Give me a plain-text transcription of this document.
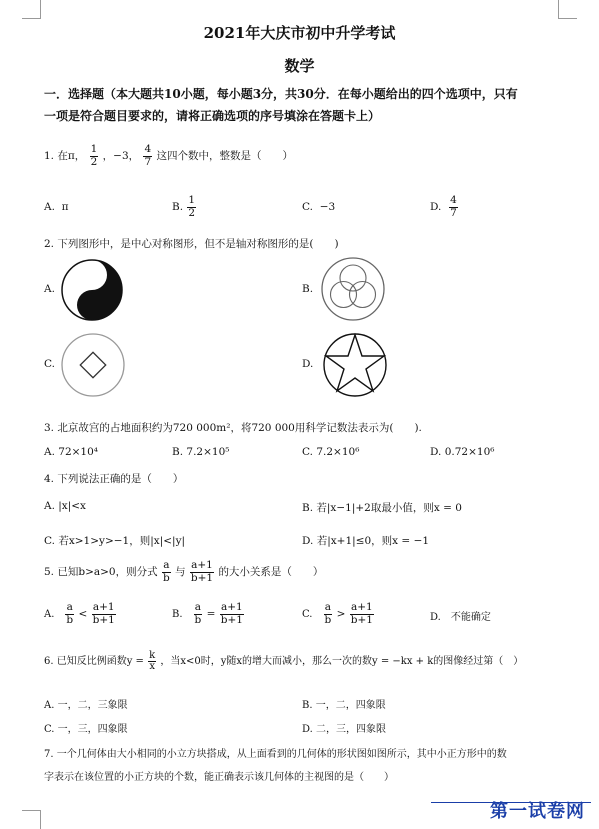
2021年大庆市初中升学考试
数学
一．选择题（本大题共10小题，每小题3分，共30分．在每小题给出的四个选项中，只有
一项是符合题目要求的，请将正确选项的序号填涂在答题卡上）
1. 在π， $\frac{1}{2}$ ，−3， $\frac{4}{7}$ 这四个数中，整数是（　　）
A. π	B. $\frac{1}{2}$	C. −3	D. $\frac{4}{7}$
2. 下列图形中，是中心对称图形，但不是轴对称图形的是(　　)
A.	B.
C.	D.
3. 北京故宫的占地面积约为720 000m²，将720 000用科学记数法表示为(　　).
A. 72×10⁴	B. 7.2×10⁵	C. 7.2×10⁶	D. 0.72×10⁶
4. 下列说法正确的是（　　）
A. |x|<x	B. 若|x−1|+2取最小值，则x = 0
C. 若x>1>y>−1，则|x|<|y|	D. 若|x+1|≤0，则x = −1
5. 已知b>a>0，则分式 $\frac{a}{b}$ 与 $\frac{a+1}{b+1}$ 的大小关系是（　　）
A. $\frac{a}{b} < \frac{a+1}{b+1}$	B. $\frac{a}{b} = \frac{a+1}{b+1}$	C. $\frac{a}{b} > \frac{a+1}{b+1}$	D.　不能确定
6. 已知反比例函数$y = \frac{k}{x}$ ，当x<0时，y随x的增大而减小，那么一次的数y = −kx + k的图像经过第（　）
A. 一，二，三象限	B. 一，二，四象限
C. 一，三，四象限	D. 二，三，四象限
7. 一个几何体由大小相同的小立方块搭成，从上面看到的几何体的形状图如图所示，其中小正方形中的数
字表示在该位置的小正方块的个数，能正确表示该几何体的主视图的是（　　）
第一试卷网
